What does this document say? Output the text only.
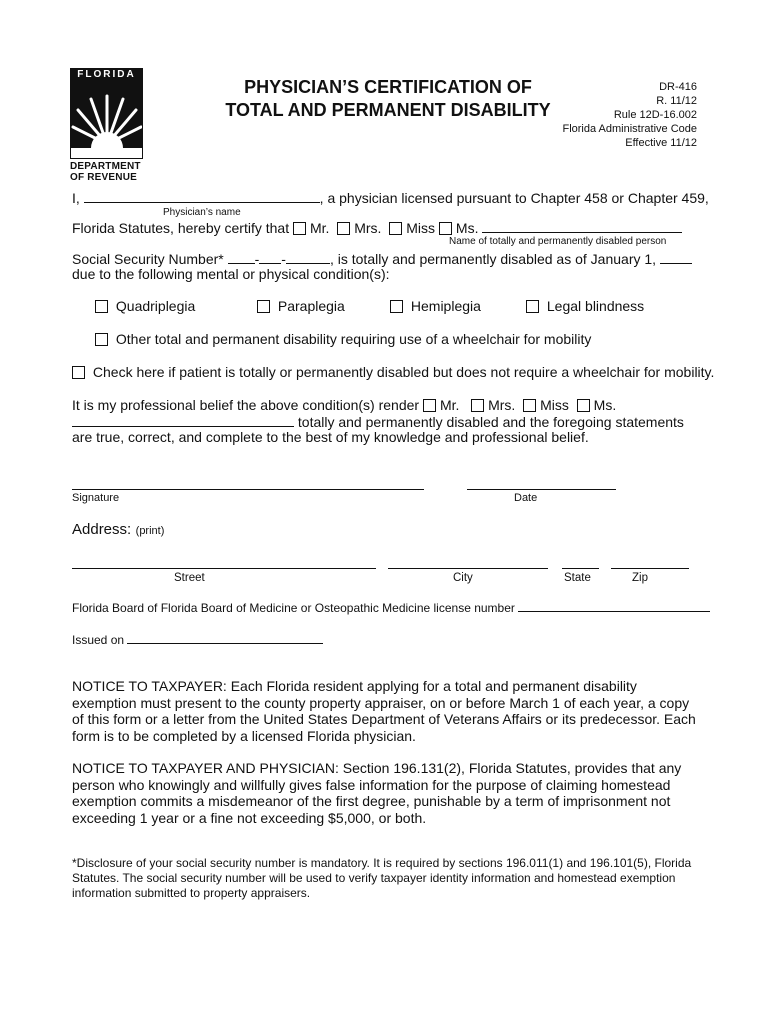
FLORIDA
DEPARTMENT
OF REVENUE
PHYSICIAN’S CERTIFICATION OF
TOTAL AND PERMANENT DISABILITY
DR-416
R. 11/12
Rule 12D-16.002
Florida Administrative Code
Effective 11/12
I,	, a physician licensed pursuant to Chapter 458 or Chapter 459,
Physician’s name
Florida Statutes, hereby certify that Mr. Mrs. Miss Ms.
Name of totally and permanently disabled person
Social Security Number* - -	, is totally and permanently disabled as of January 1,
due to the following mental or physical condition(s):
Quadriplegia	Paraplegia	Hemiplegia	Legal blindness
Other total and permanent disability requiring use of a wheelchair for mobility
Check here if patient is totally or permanently disabled but does not require a wheelchair for mobility.
It is my professional belief the above condition(s) render Mr. Mrs. Miss Ms.
totally and permanently disabled and the foregoing statements
are true, correct, and complete to the best of my knowledge and professional belief.
Signature	Date
Address: (print)
Street	City	State	Zip
Florida Board of Florida Board of Medicine or Osteopathic Medicine license number
Issued on
NOTICE TO TAXPAYER: Each Florida resident applying for a total and permanent disability exemption must present to the county property appraiser, on or before March 1 of each year, a copy of this form or a letter from the United States Department of Veterans Affairs or its predecessor. Each form is to be completed by a licensed Florida physician.
NOTICE TO TAXPAYER AND PHYSICIAN: Section 196.131(2), Florida Statutes, provides that any person who knowingly and willfully gives false information for the purpose of claiming homestead exemption commits a misdemeanor of the first degree, punishable by a term of imprisonment not exceeding 1 year or a fine not exceeding $5,000, or both.
*Disclosure of your social security number is mandatory. It is required by sections 196.011(1) and 196.101(5), Florida Statutes. The social security number will be used to verify taxpayer identity information and homestead exemption information submitted to property appraisers.
